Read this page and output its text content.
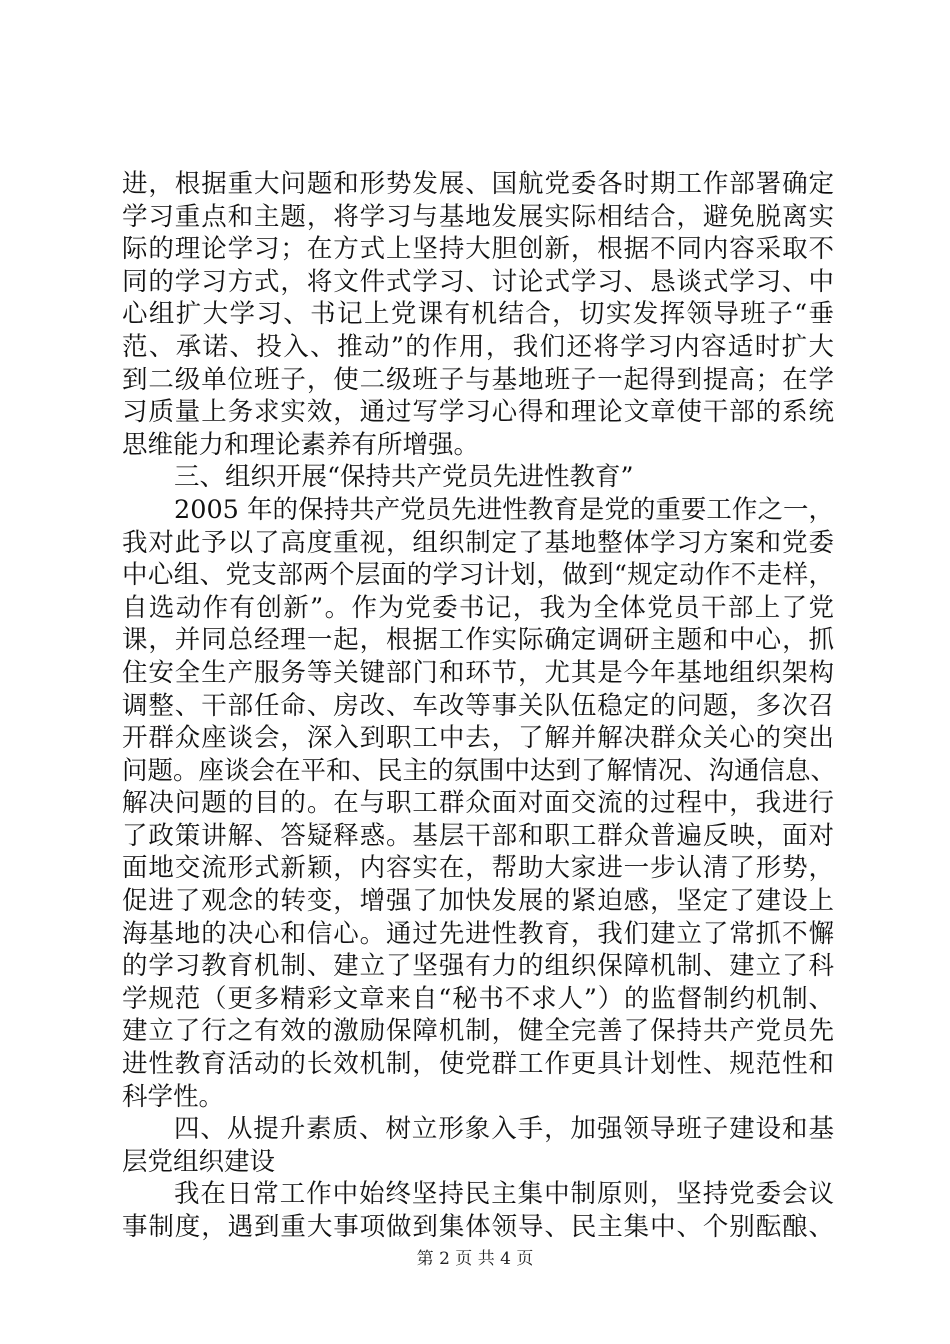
进，根据重大问题和形势发展、国航党委各时期工作部署确定
学习重点和主题，将学习与基地发展实际相结合，避免脱离实
际的理论学习；在方式上坚持大胆创新，根据不同内容采取不
同的学习方式，将文件式学习、讨论式学习、恳谈式学习、中
心组扩大学习、书记上党课有机结合，切实发挥领导班子“垂
范、承诺、投入、推动”的作用，我们还将学习内容适时扩大
到二级单位班子，使二级班子与基地班子一起得到提高；在学
习质量上务求实效，通过写学习心得和理论文章使干部的系统
思维能力和理论素养有所增强。
三、组织开展“保持共产党员先进性教育”
2005 年的保持共产党员先进性教育是党的重要工作之一，
我对此予以了高度重视，组织制定了基地整体学习方案和党委
中心组、党支部两个层面的学习计划，做到“规定动作不走样，
自选动作有创新”。作为党委书记，我为全体党员干部上了党
课，并同总经理一起，根据工作实际确定调研主题和中心，抓
住安全生产服务等关键部门和环节，尤其是今年基地组织架构
调整、干部任命、房改、车改等事关队伍稳定的问题，多次召
开群众座谈会，深入到职工中去，了解并解决群众关心的突出
问题。座谈会在平和、民主的氛围中达到了解情况、沟通信息、
解决问题的目的。在与职工群众面对面交流的过程中，我进行
了政策讲解、答疑释惑。基层干部和职工群众普遍反映，面对
面地交流形式新颖，内容实在，帮助大家进一步认清了形势，
促进了观念的转变，增强了加快发展的紧迫感，坚定了建设上
海基地的决心和信心。通过先进性教育，我们建立了常抓不懈
的学习教育机制、建立了坚强有力的组织保障机制、建立了科
学规范（更多精彩文章来自“秘书不求人”）的监督制约机制、
建立了行之有效的激励保障机制，健全完善了保持共产党员先
进性教育活动的长效机制，使党群工作更具计划性、规范性和
科学性。
四、从提升素质、树立形象入手，加强领导班子建设和基
层党组织建设
我在日常工作中始终坚持民主集中制原则，坚持党委会议
事制度，遇到重大事项做到集体领导、民主集中、个别酝酿、
第 2 页 共 4 页
